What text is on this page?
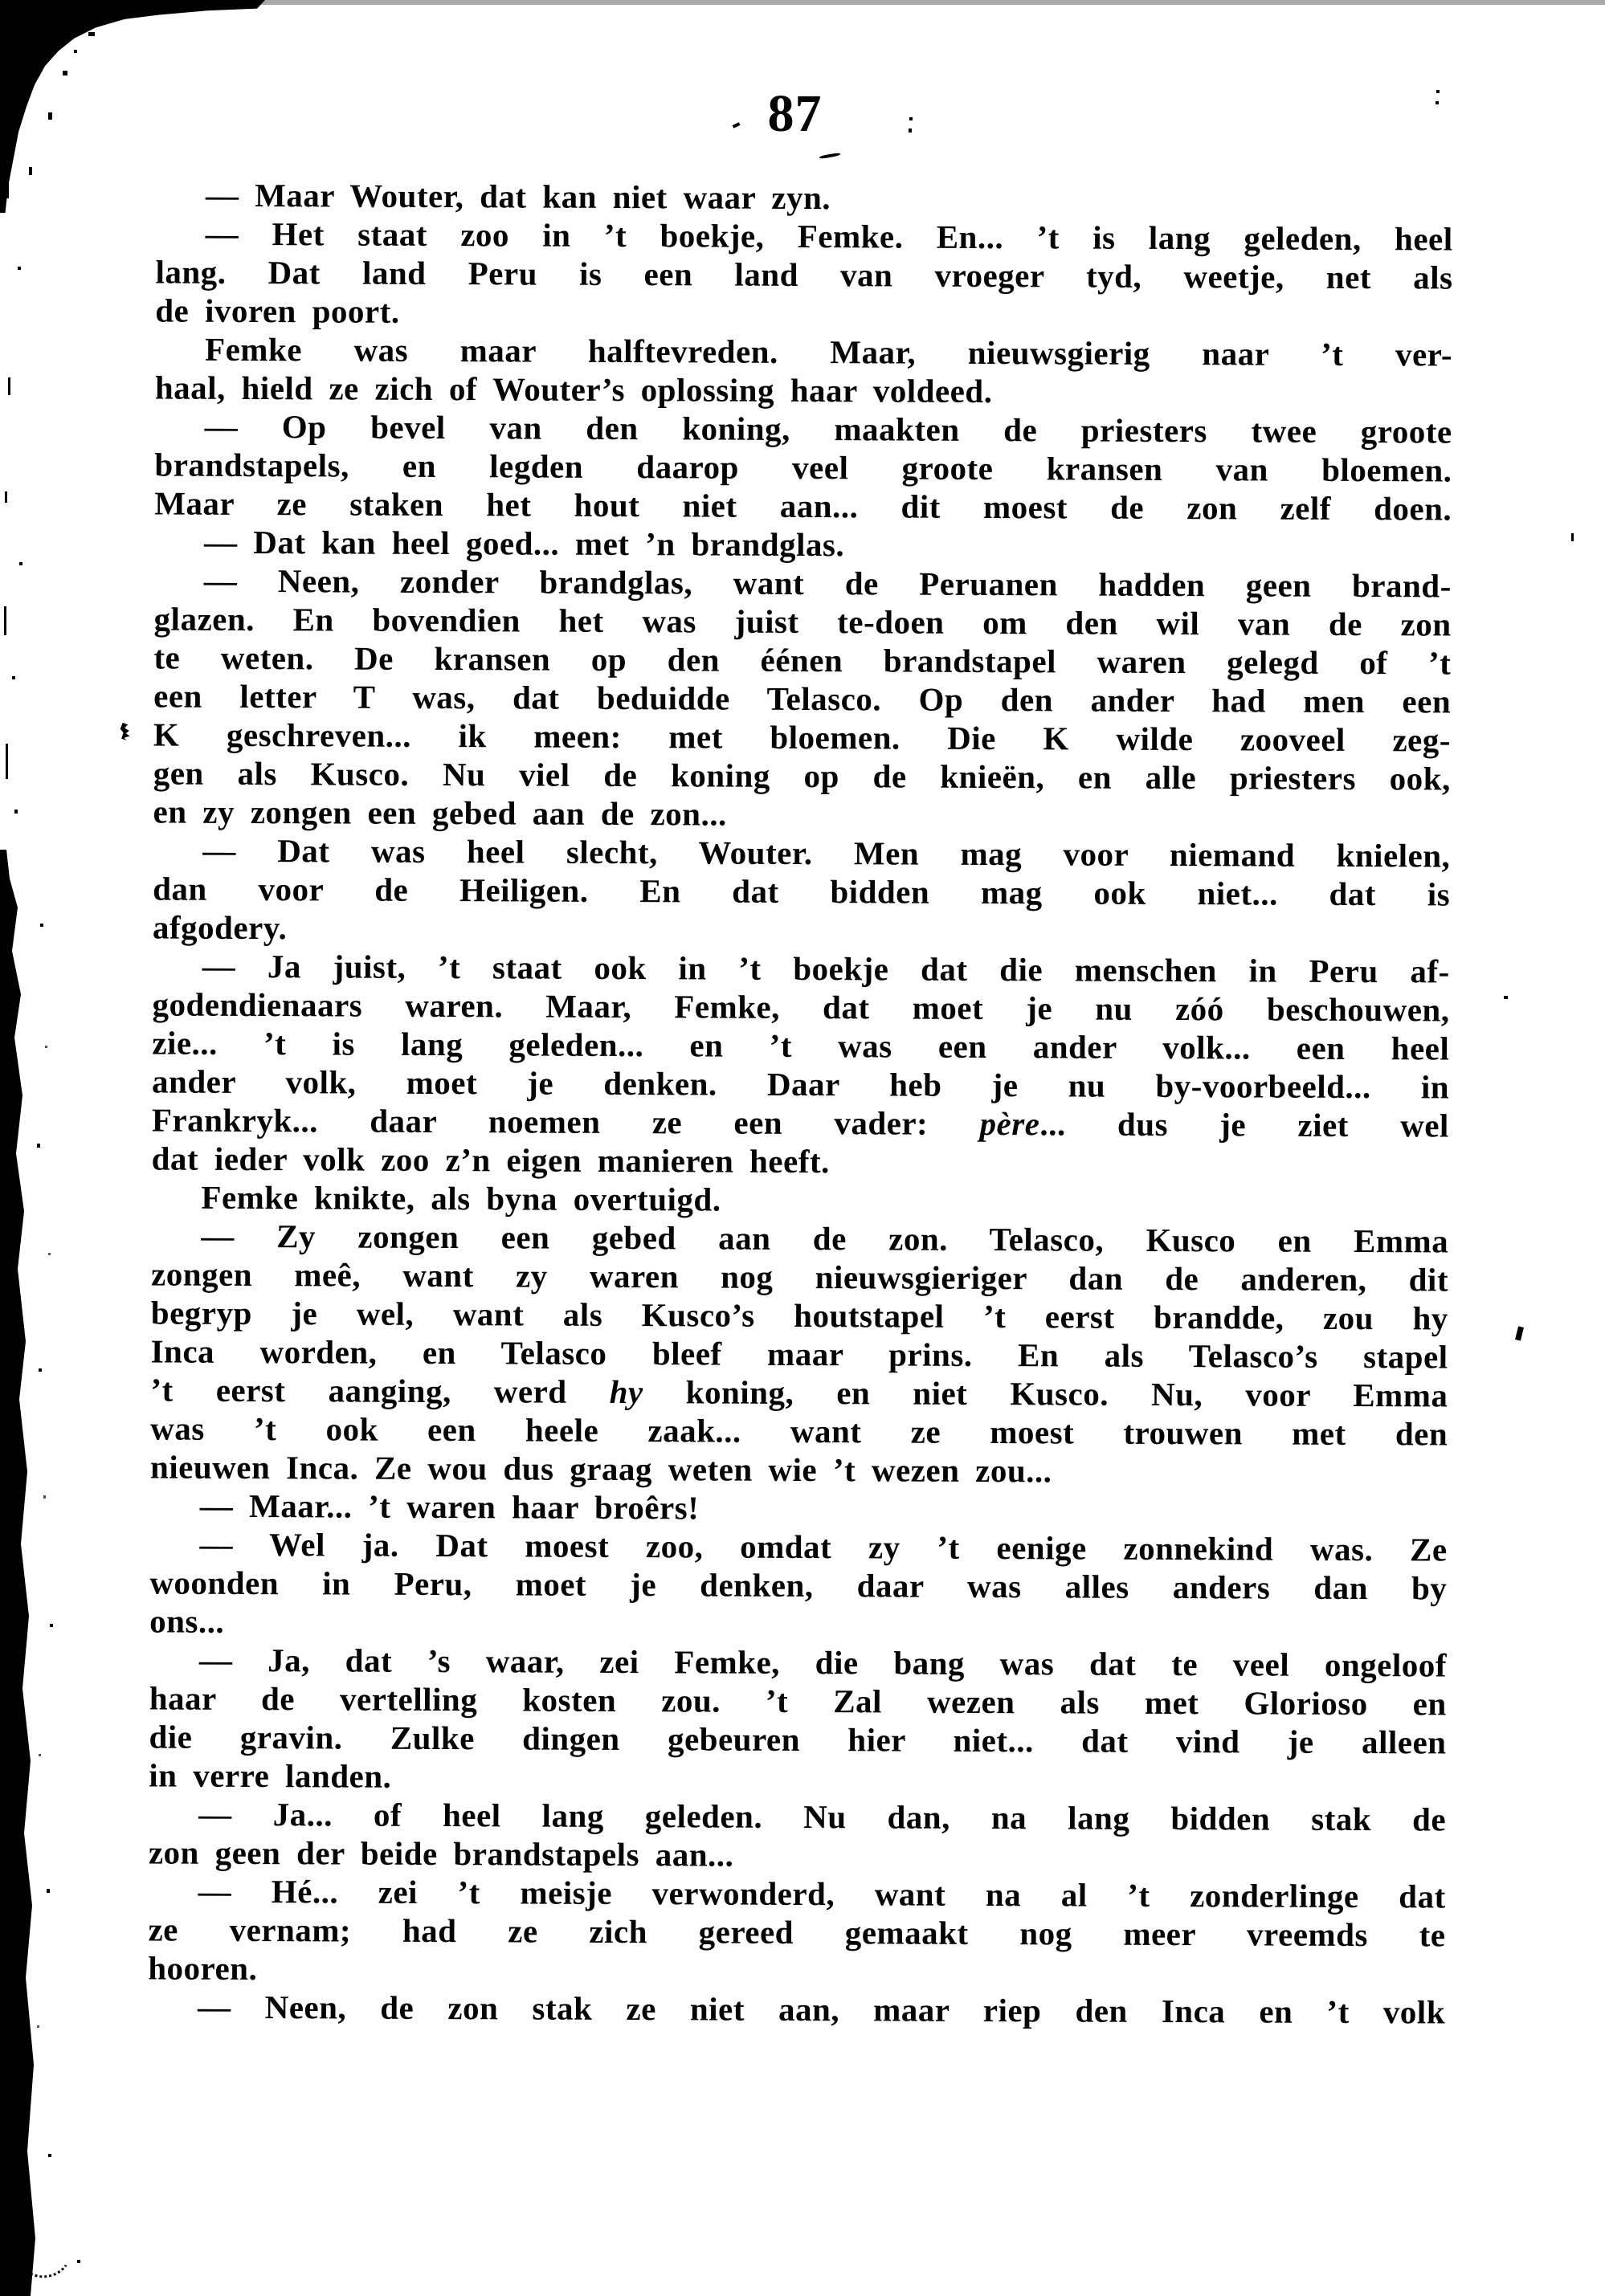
87
— Maar Wouter, dat kan niet waar zyn.
— Het staat zoo in ’t boekje, Femke. En... ’t is lang geleden, heel
lang. Dat land Peru is een land van vroeger tyd, weetje, net als
de ivoren poort.
Femke was maar halftevreden. Maar, nieuwsgierig naar ’t ver-
haal, hield ze zich of Wouter’s oplossing haar voldeed.
— Op bevel van den koning, maakten de priesters twee groote
brandstapels, en legden daarop veel groote kransen van bloemen.
Maar ze staken het hout niet aan... dit moest de zon zelf doen.
— Dat kan heel goed... met ’n brandglas.
— Neen, zonder brandglas, want de Peruanen hadden geen brand-
glazen. En bovendien het was juist te-doen om den wil van de zon
te weten. De kransen op den éénen brandstapel waren gelegd of ’t
een letter T was, dat beduidde Telasco. Op den ander had men een
K geschreven... ik meen: met bloemen. Die K wilde zooveel zeg-
gen als Kusco. Nu viel de koning op de knieën, en alle priesters ook,
en zy zongen een gebed aan de zon...
— Dat was heel slecht, Wouter. Men mag voor niemand knielen,
dan voor de Heiligen. En dat bidden mag ook niet... dat is
afgodery.
— Ja juist, ’t staat ook in ’t boekje dat die menschen in Peru af-
godendienaars waren. Maar, Femke, dat moet je nu zóó beschouwen,
zie... ’t is lang geleden... en ’t was een ander volk... een heel
ander volk, moet je denken. Daar heb je nu by-voorbeeld... in
Frankryk... daar noemen ze een vader: père... dus je ziet wel
dat ieder volk zoo z’n eigen manieren heeft.
Femke knikte, als byna overtuigd.
— Zy zongen een gebed aan de zon. Telasco, Kusco en Emma
zongen meê, want zy waren nog nieuwsgieriger dan de anderen, dit
begryp je wel, want als Kusco’s houtstapel ’t eerst brandde, zou hy
Inca worden, en Telasco bleef maar prins. En als Telasco’s stapel
’t eerst aanging, werd hy koning, en niet Kusco. Nu, voor Emma
was ’t ook een heele zaak... want ze moest trouwen met den
nieuwen Inca. Ze wou dus graag weten wie ’t wezen zou...
— Maar... ’t waren haar broêrs!
— Wel ja. Dat moest zoo, omdat zy ’t eenige zonnekind was. Ze
woonden in Peru, moet je denken, daar was alles anders dan by
ons...
— Ja, dat ’s waar, zei Femke, die bang was dat te veel ongeloof
haar de vertelling kosten zou. ’t Zal wezen als met Glorioso en
die gravin. Zulke dingen gebeuren hier niet... dat vind je alleen
in verre landen.
— Ja... of heel lang geleden. Nu dan, na lang bidden stak de
zon geen der beide brandstapels aan...
— Hé... zei ’t meisje verwonderd, want na al ’t zonderlinge dat
ze vernam; had ze zich gereed gemaakt nog meer vreemds te
hooren.
— Neen, de zon stak ze niet aan, maar riep den Inca en ’t volk
